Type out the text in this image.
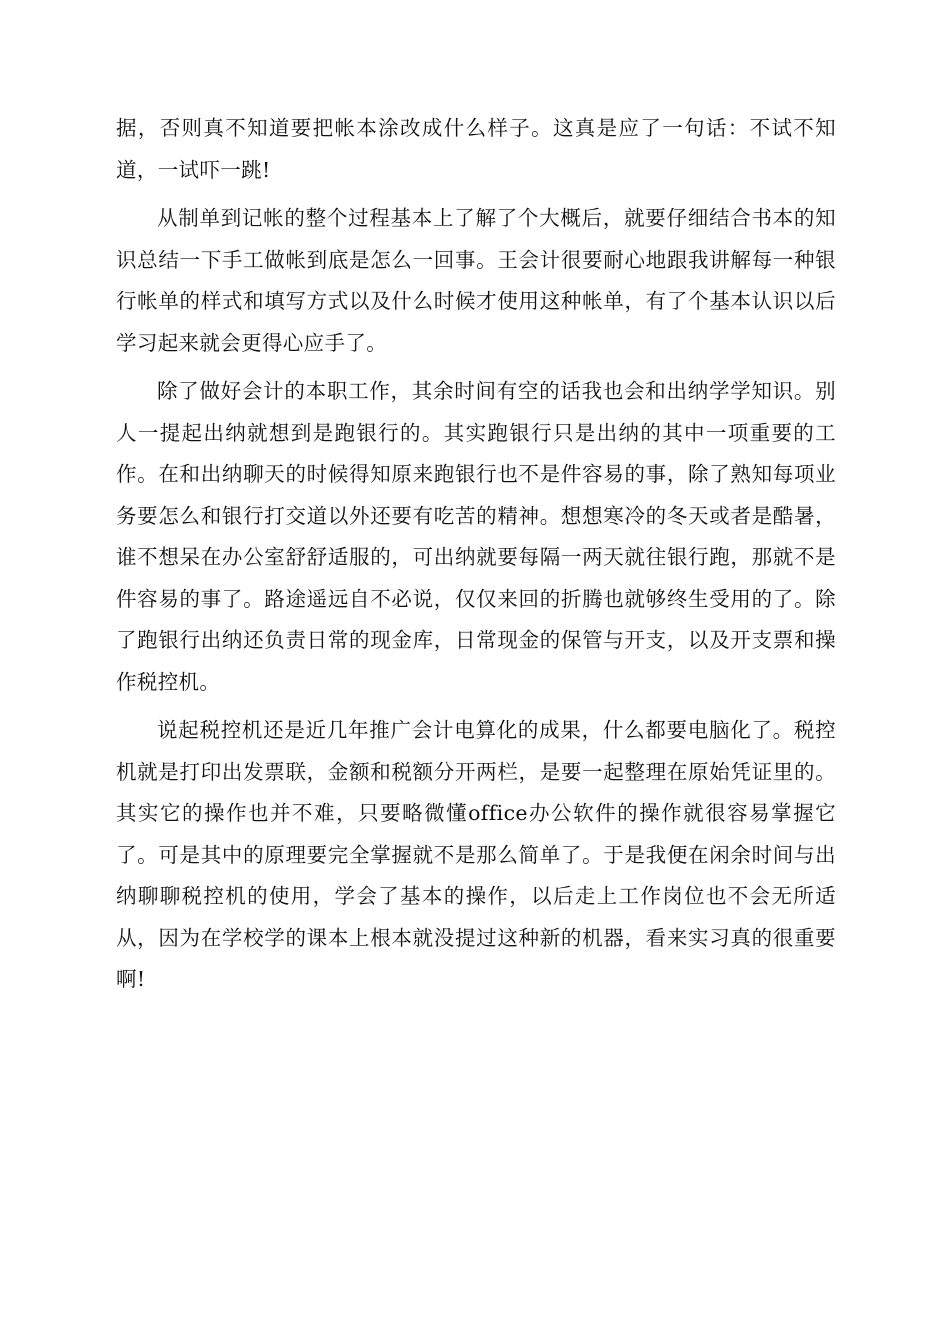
据，否则真不知道要把帐本涂改成什么样子。这真是应了一句话：不试不知道，一试吓一跳!

从制单到记帐的整个过程基本上了解了个大概后，就要仔细结合书本的知识总结一下手工做帐到底是怎么一回事。王会计很要耐心地跟我讲解每一种银行帐单的样式和填写方式以及什么时候才使用这种帐单，有了个基本认识以后学习起来就会更得心应手了。

除了做好会计的本职工作，其余时间有空的话我也会和出纳学学知识。别人一提起出纳就想到是跑银行的。其实跑银行只是出纳的其中一项重要的工作。在和出纳聊天的时候得知原来跑银行也不是件容易的事，除了熟知每项业务要怎么和银行打交道以外还要有吃苦的精神。想想寒冷的冬天或者是酷暑，谁不想呆在办公室舒舒适服的，可出纳就要每隔一两天就往银行跑，那就不是件容易的事了。路途遥远自不必说，仅仅来回的折腾也就够终生受用的了。除了跑银行出纳还负责日常的现金库，日常现金的保管与开支，以及开支票和操作税控机。

说起税控机还是近几年推广会计电算化的成果，什么都要电脑化了。税控机就是打印出发票联，金额和税额分开两栏，是要一起整理在原始凭证里的。其实它的操作也并不难，只要略微懂office办公软件的操作就很容易掌握它了。可是其中的原理要完全掌握就不是那么简单了。于是我便在闲余时间与出纳聊聊税控机的使用，学会了基本的操作，以后走上工作岗位也不会无所适从，因为在学校学的课本上根本就没提过这种新的机器，看来实习真的很重要啊!
